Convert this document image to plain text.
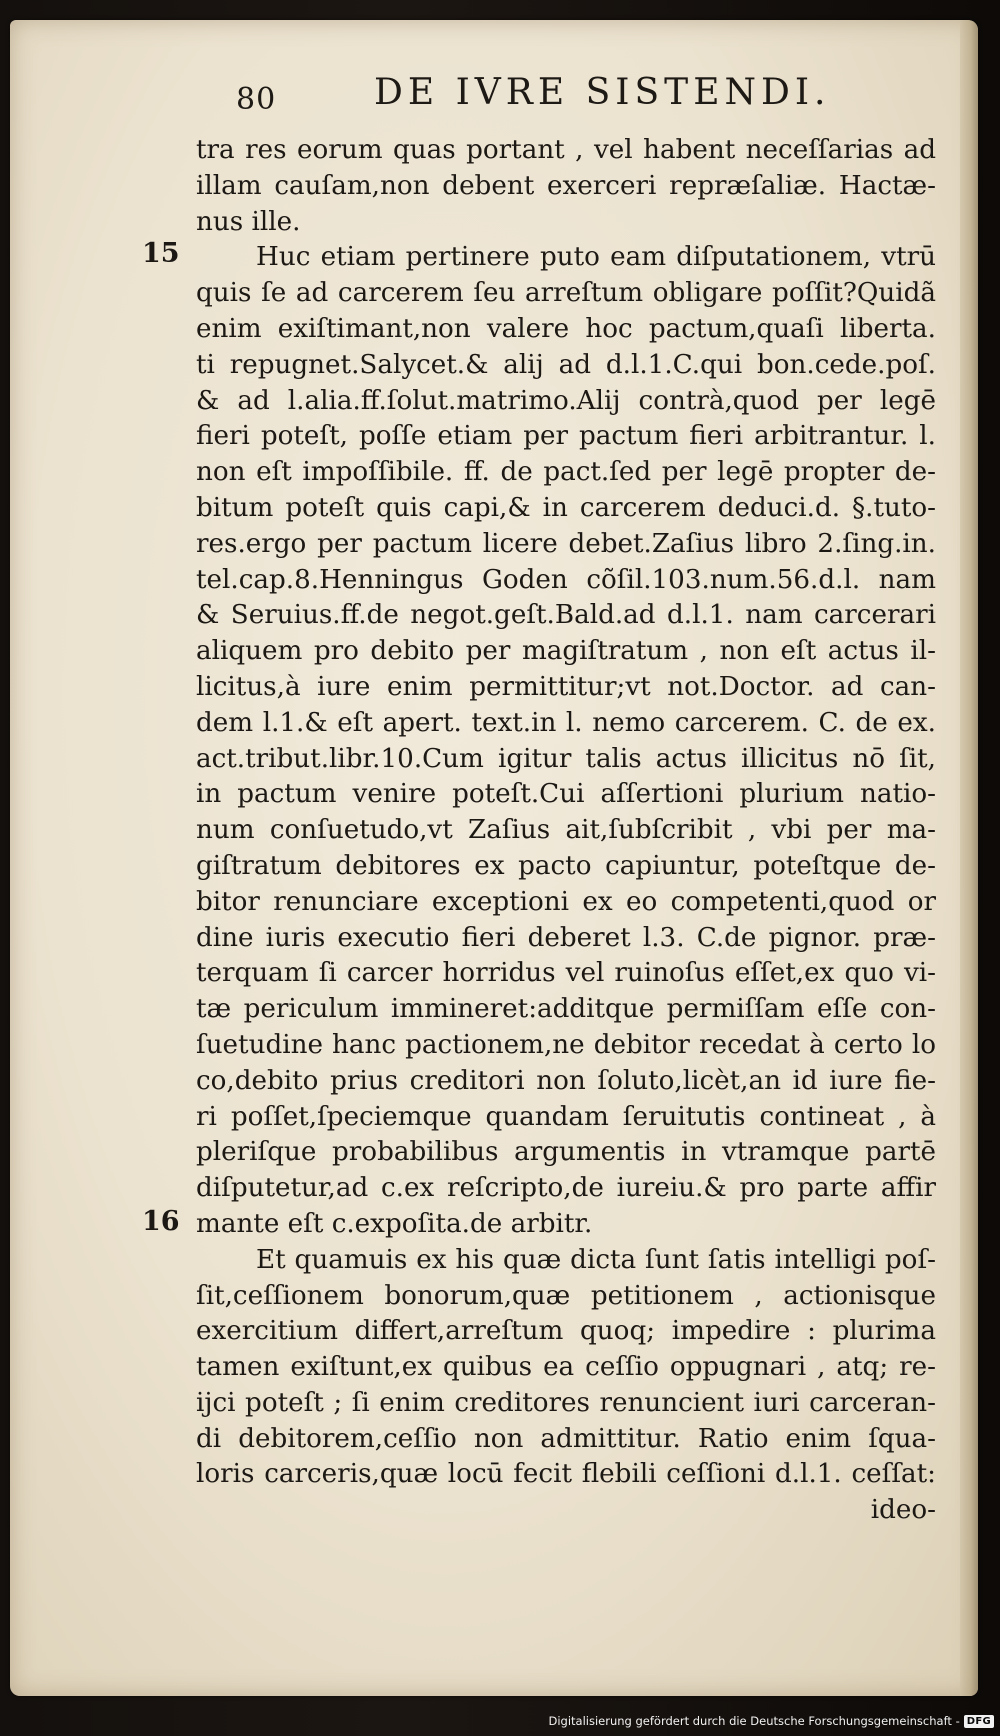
80	DE IVRE SISTENDI.
15
16
tra res eorum quas portant , vel habent neceſſarias ad
illam cauſam,non debent exerceri repræſaliæ. Hactæ-
nus ille.
Huc etiam pertinere puto eam diſputationem, vtrū
quis ſe ad carcerem ſeu arreſtum obligare poſſit?Quidã
enim exiſtimant,non valere hoc pactum,quaſi liberta.
ti repugnet.Salycet.& alij ad d.l.1.C.qui bon.cede.poſ.
& ad l.alia.ff.ſolut.matrimo.Alij contrà,quod per legē
fieri poteſt, poſſe etiam per pactum fieri arbitrantur. l.
non eſt impoſſibile. ff. de pact.ſed per legē propter de-
bitum poteſt quis capi,& in carcerem deduci.d. §.tuto-
res.ergo per pactum licere debet.Zaſius libro 2.ſing.in.
tel.cap.8.Henningus Goden cõſil.103.num.56.d.l. nam
& Seruius.ff.de negot.geſt.Bald.ad d.l.1. nam carcerari
aliquem pro debito per magiſtratum , non eſt actus il-
licitus,à iure enim permittitur;vt not.Doctor. ad can-
dem l.1.& eſt apert. text.in l. nemo carcerem. C. de ex.
act.tribut.libr.10.Cum igitur talis actus illicitus nō ſit,
in pactum venire poteſt.Cui aſſertioni plurium natio-
num conſuetudo,vt Zaſius ait,ſubſcribit , vbi per ma-
giſtratum debitores ex pacto capiuntur, poteſtque de-
bitor renunciare exceptioni ex eo competenti,quod or
dine iuris executio fieri deberet l.3. C.de pignor. præ-
terquam ſi carcer horridus vel ruinoſus eſſet,ex quo vi-
tæ periculum immineret:additque permiſſam eſſe con-
ſuetudine hanc pactionem,ne debitor recedat à certo lo
co,debito prius creditori non ſoluto,licèt,an id iure fie-
ri poſſet,ſpeciemque quandam ſeruitutis contineat , à
pleriſque probabilibus argumentis in vtramque partē
diſputetur,ad c.ex reſcripto,de iureiu.& pro parte affir
mante eſt c.expoſita.de arbitr.
Et quamuis ex his quæ dicta ſunt ſatis intelligi poſ-
ſit,ceſſionem bonorum,quæ petitionem , actionisque
exercitium differt,arreſtum quoq; impedire : plurima
tamen exiſtunt,ex quibus ea ceſſio oppugnari , atq; re-
ijci poteſt ; ſi enim creditores renuncient iuri carceran-
di debitorem,ceſſio non admittitur. Ratio enim ſqua-
loris carceris,quæ locū fecit flebili ceſſioni d.l.1. ceſſat:
ideo-
Digitalisierung gefördert durch die Deutsche Forschungsgemeinschaft - DFG
